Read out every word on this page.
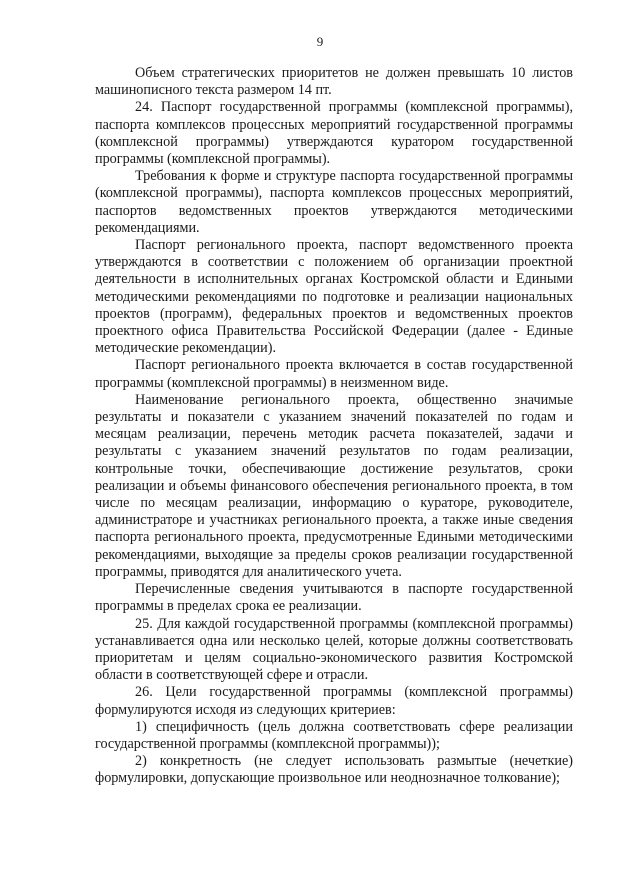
9

Объем стратегических приоритетов не должен превышать 10 листов машинописного текста размером 14 пт.

24. Паспорт государственной программы (комплексной программы), паспорта комплексов процессных мероприятий государственной программы (комплексной программы) утверждаются куратором государственной программы (комплексной программы).

Требования к форме и структуре паспорта государственной программы (комплексной программы), паспорта комплексов процессных мероприятий, паспортов ведомственных проектов утверждаются методическими рекомендациями.

Паспорт регионального проекта, паспорт ведомственного проекта утверждаются в соответствии с положением об организации проектной деятельности в исполнительных органах Костромской области и Едиными методическими рекомендациями по подготовке и реализации национальных проектов (программ), федеральных проектов и ведомственных проектов проектного офиса Правительства Российской Федерации (далее - Единые методические рекомендации).

Паспорт регионального проекта включается в состав государственной программы (комплексной программы) в неизменном виде.

Наименование регионального проекта, общественно значимые результаты и показатели с указанием значений показателей по годам и месяцам реализации, перечень методик расчета показателей, задачи и результаты с указанием значений результатов по годам реализации, контрольные точки, обеспечивающие достижение результатов, сроки реализации и объемы финансового обеспечения регионального проекта, в том числе по месяцам реализации, информацию о кураторе, руководителе, администраторе и участниках регионального проекта, а также иные сведения паспорта регионального проекта, предусмотренные Едиными методическими рекомендациями, выходящие за пределы сроков реализации государственной программы, приводятся для аналитического учета.

Перечисленные сведения учитываются в паспорте государственной программы в пределах срока ее реализации.

25. Для каждой государственной программы (комплексной программы) устанавливается одна или несколько целей, которые должны соответствовать приоритетам и целям социально-экономического развития Костромской области в соответствующей сфере и отрасли.

26. Цели государственной программы (комплексной программы) формулируются исходя из следующих критериев:

1) специфичность (цель должна соответствовать сфере реализации государственной программы (комплексной программы));

2) конкретность (не следует использовать размытые (нечеткие) формулировки, допускающие произвольное или неоднозначное толкование);
